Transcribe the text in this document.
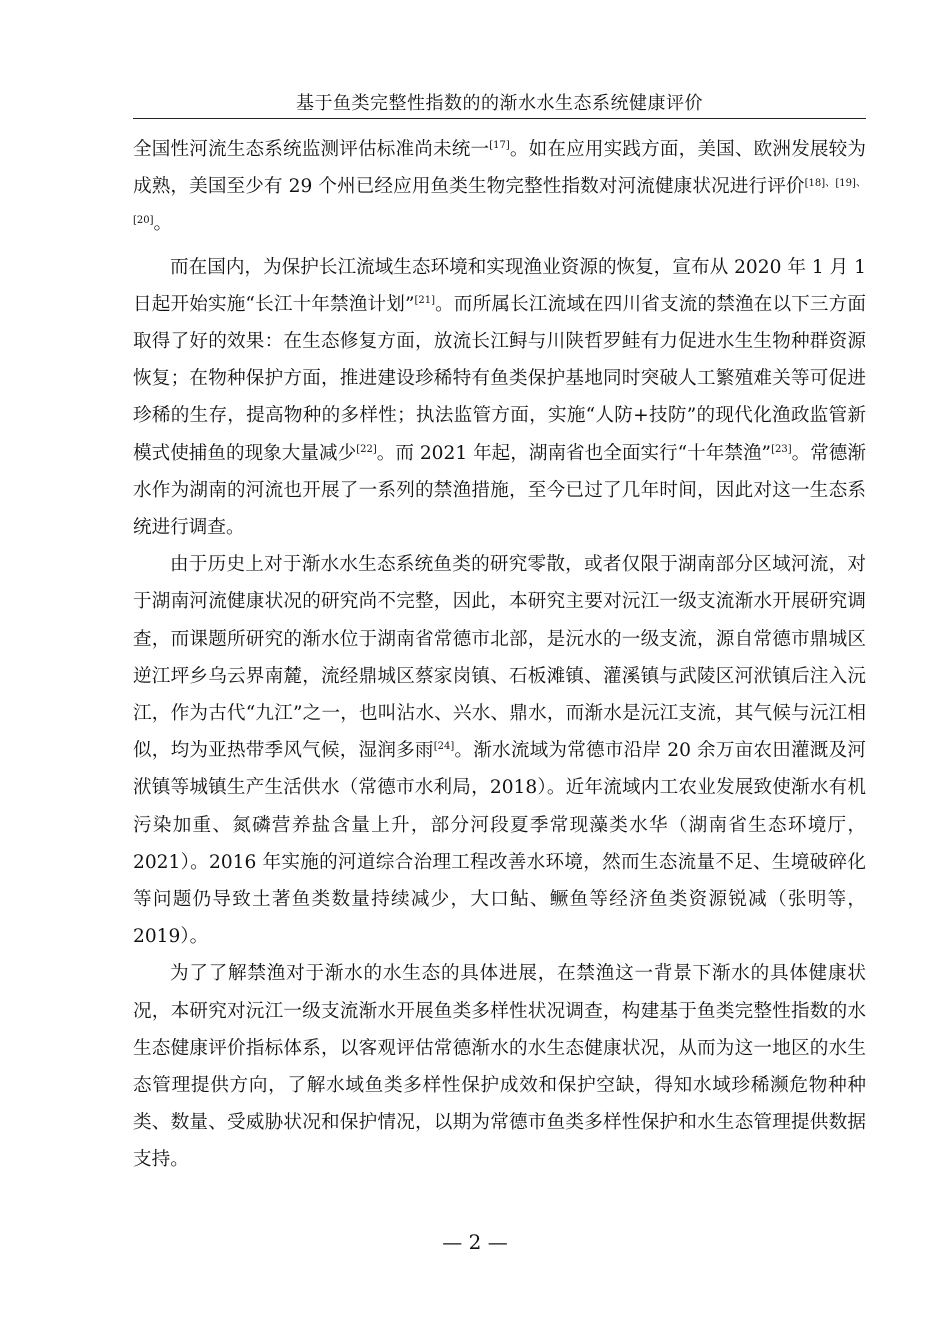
基于鱼类完整性指数的的渐水水生态系统健康评价

全国性河流生态系统监测评估标准尚未统一[17]。如在应用实践方面，美国、欧洲发展较为成熟，美国至少有 29 个州已经应用鱼类生物完整性指数对河流健康状况进行评价[18]、[19]、[20]。

而在国内，为保护长江流域生态环境和实现渔业资源的恢复，宣布从 2020 年 1 月 1 日起开始实施“长江十年禁渔计划”[21]。而所属长江流域在四川省支流的禁渔在以下三方面取得了好的效果：在生态修复方面，放流长江鲟与川陕哲罗鲑有力促进水生生物种群资源恢复；在物种保护方面，推进建设珍稀特有鱼类保护基地同时突破人工繁殖难关等可促进珍稀的生存，提高物种的多样性；执法监管方面，实施“人防+技防”的现代化渔政监管新模式使捕鱼的现象大量减少[22]。而 2021 年起，湖南省也全面实行“十年禁渔”[23]。常德渐水作为湖南的河流也开展了一系列的禁渔措施，至今已过了几年时间，因此对这一生态系统进行调查。

由于历史上对于渐水水生态系统鱼类的研究零散，或者仅限于湖南部分区域河流，对于湖南河流健康状况的研究尚不完整，因此，本研究主要对沅江一级支流渐水开展研究调查，而课题所研究的渐水位于湖南省常德市北部，是沅水的一级支流，源自常德市鼎城区逆江坪乡乌云界南麓，流经鼎城区蔡家岗镇、石板滩镇、灌溪镇与武陵区河洑镇后注入沅江，作为古代“九江”之一，也叫沾水、兴水、鼎水，而渐水是沅江支流，其气候与沅江相似，均为亚热带季风气候，湿润多雨[24]。渐水流域为常德市沿岸 20 余万亩农田灌溉及河洑镇等城镇生产生活供水（常德市水利局，2018）。近年流域内工农业发展致使渐水有机污染加重、氮磷营养盐含量上升，部分河段夏季常现藻类水华（湖南省生态环境厅，2021）。2016 年实施的河道综合治理工程改善水环境，然而生态流量不足、生境破碎化等问题仍导致土著鱼类数量持续减少，大口鲇、鳜鱼等经济鱼类资源锐减（张明等，2019）。

为了了解禁渔对于渐水的水生态的具体进展，在禁渔这一背景下渐水的具体健康状况，本研究对沅江一级支流渐水开展鱼类多样性状况调查，构建基于鱼类完整性指数的水生态健康评价指标体系，以客观评估常德渐水的水生态健康状况，从而为这一地区的水生态管理提供方向，了解水域鱼类多样性保护成效和保护空缺，得知水域珍稀濒危物种种类、数量、受威胁状况和保护情况，以期为常德市鱼类多样性保护和水生态管理提供数据支持。

— 2 —
